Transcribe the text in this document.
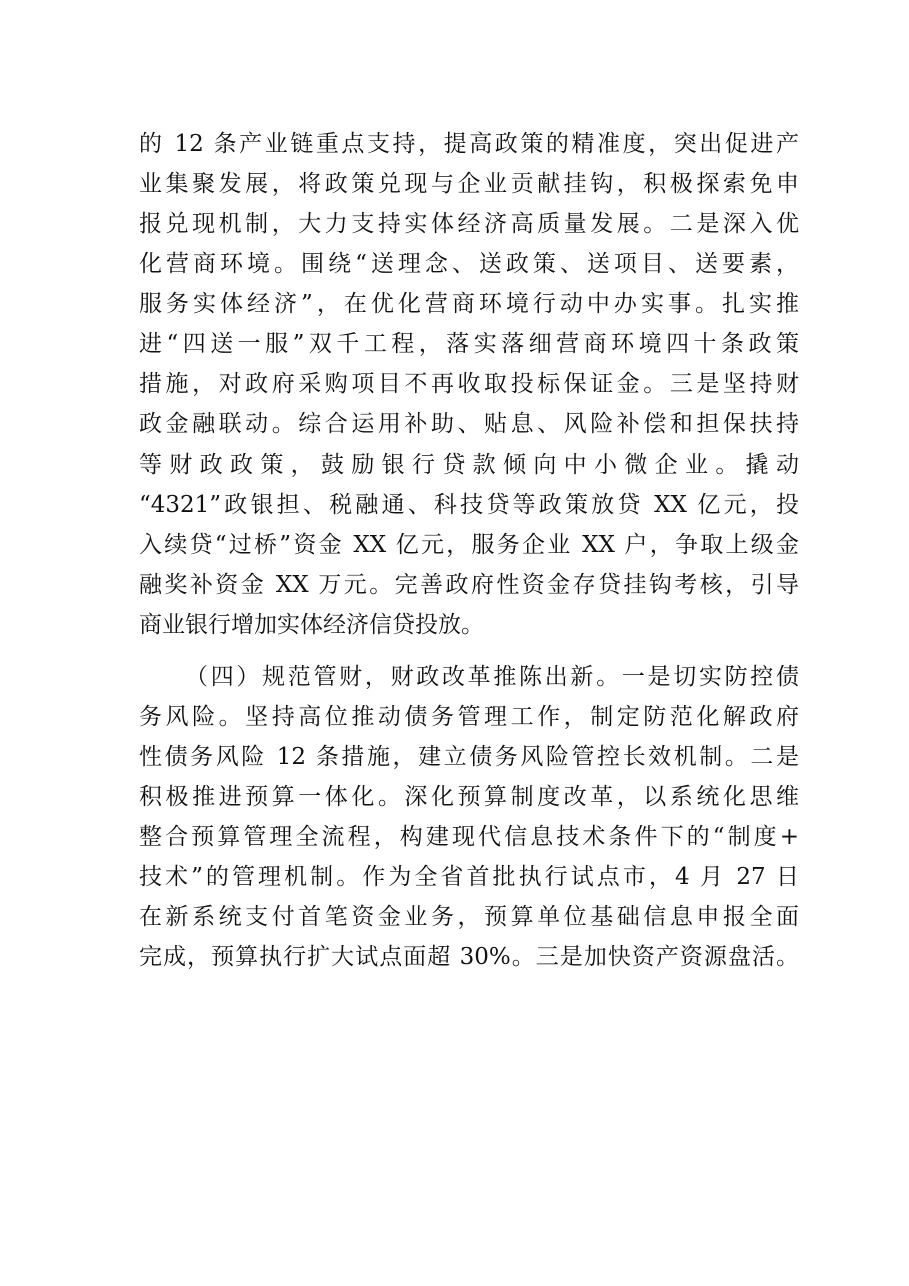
的 12 条产业链重点支持，提高政策的精准度，突出促进产
业集聚发展，将政策兑现与企业贡献挂钩，积极探索免申
报兑现机制，大力支持实体经济高质量发展。二是深入优
化营商环境。围绕“送理念、送政策、送项目、送要素，
服务实体经济”，在优化营商环境行动中办实事。扎实推
进“四送一服”双千工程，落实落细营商环境四十条政策
措施，对政府采购项目不再收取投标保证金。三是坚持财
政金融联动。综合运用补助、贴息、风险补偿和担保扶持
等财政政策，鼓励银行贷款倾向中小微企业。撬动
“4321”政银担、税融通、科技贷等政策放贷 XX 亿元，投
入续贷“过桥”资金 XX 亿元，服务企业 XX 户，争取上级金
融奖补资金 XX 万元。完善政府性资金存贷挂钩考核，引导
商业银行增加实体经济信贷投放。
（四）规范管财，财政改革推陈出新。一是切实防控债
务风险。坚持高位推动债务管理工作，制定防范化解政府
性债务风险 12 条措施，建立债务风险管控长效机制。二是
积极推进预算一体化。深化预算制度改革，以系统化思维
整合预算管理全流程，构建现代信息技术条件下的“制度+
技术”的管理机制。作为全省首批执行试点市，4 月 27 日
在新系统支付首笔资金业务，预算单位基础信息申报全面
完成，预算执行扩大试点面超 30%。三是加快资产资源盘活。
